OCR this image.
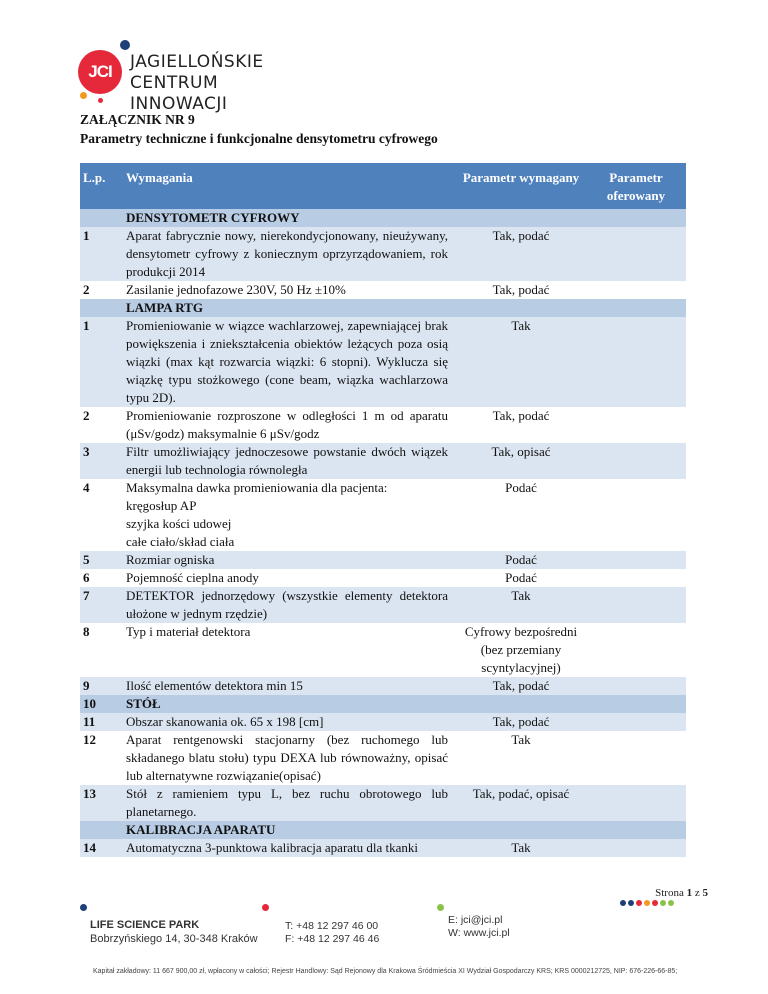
JCI	JAGIELLOŃSKIE
CENTRUM INNOWACJI
ZAŁĄCZNIK NR 9
Parametry techniczne i funkcjonalne densytometru cyfrowego
L.p.	Wymagania	Parametr wymagany	Parametr oferowany
	DENSYTOMETR CYFROWY		
1	Aparat fabrycznie nowy, nierekondycjonowany, nieużywany, densytometr cyfrowy z koniecznym oprzyrządowaniem, rok produkcji 2014	Tak, podać	
2	Zasilanie jednofazowe 230V, 50 Hz ±10%	Tak, podać	
	LAMPA RTG		
1	Promieniowanie w wiązce wachlarzowej, zapewniającej brak powiększenia i zniekształcenia obiektów leżących poza osią wiązki (max kąt rozwarcia wiązki: 6 stopni). Wyklucza się wiązkę typu stożkowego (cone beam, wiązka wachlarzowa typu 2D).	Tak	
2	Promieniowanie rozproszone w odległości 1 m od aparatu (μSv/godz) maksymalnie 6 μSv/godz	Tak, podać	
3	Filtr umożliwiający jednoczesowe powstanie dwóch wiązek energii lub technologia równoległa	Tak, opisać	
4	Maksymalna dawka promieniowania dla pacjenta:
kręgosłup AP
szyjka kości udowej
całe ciało/skład ciała	Podać	
5	Rozmiar ogniska	Podać	
6	Pojemność cieplna anody	Podać	
7	DETEKTOR jednorzędowy (wszystkie elementy detektora ułożone w jednym rzędzie)	Tak	
8	Typ i materiał detektora	Cyfrowy bezpośredni (bez przemiany scyntylacyjnej)	
9	Ilość elementów detektora min 15	Tak, podać	
10	STÓŁ		
11	Obszar skanowania ok. 65 x 198 [cm]	Tak, podać	
12	Aparat rentgenowski stacjonarny (bez ruchomego lub składanego blatu stołu) typu DEXA lub równoważny, opisać lub alternatywne rozwiązanie(opisać)	Tak	
13	Stół z ramieniem typu L, bez ruchu obrotowego lub planetarnego.	Tak, podać, opisać	
	KALIBRACJA APARATU		
14	Automatyczna 3-punktowa kalibracja aparatu dla tkanki	Tak	
Strona 1 z 5
LIFE SCIENCE PARK
Bobrzyńskiego 14, 30-348 Kraków
T: +48 12 297 46 00
F: +48 12 297 46 46
E: jci@jci.pl
W: www.jci.pl
Kapitał zakładowy: 11 667 900,00 zł, wpłacony w całości; Rejestr Handlowy: Sąd Rejonowy dla Krakowa Śródmieścia XI Wydział Gospodarczy KRS; KRS 0000212725, NIP: 676-226-66-85;
